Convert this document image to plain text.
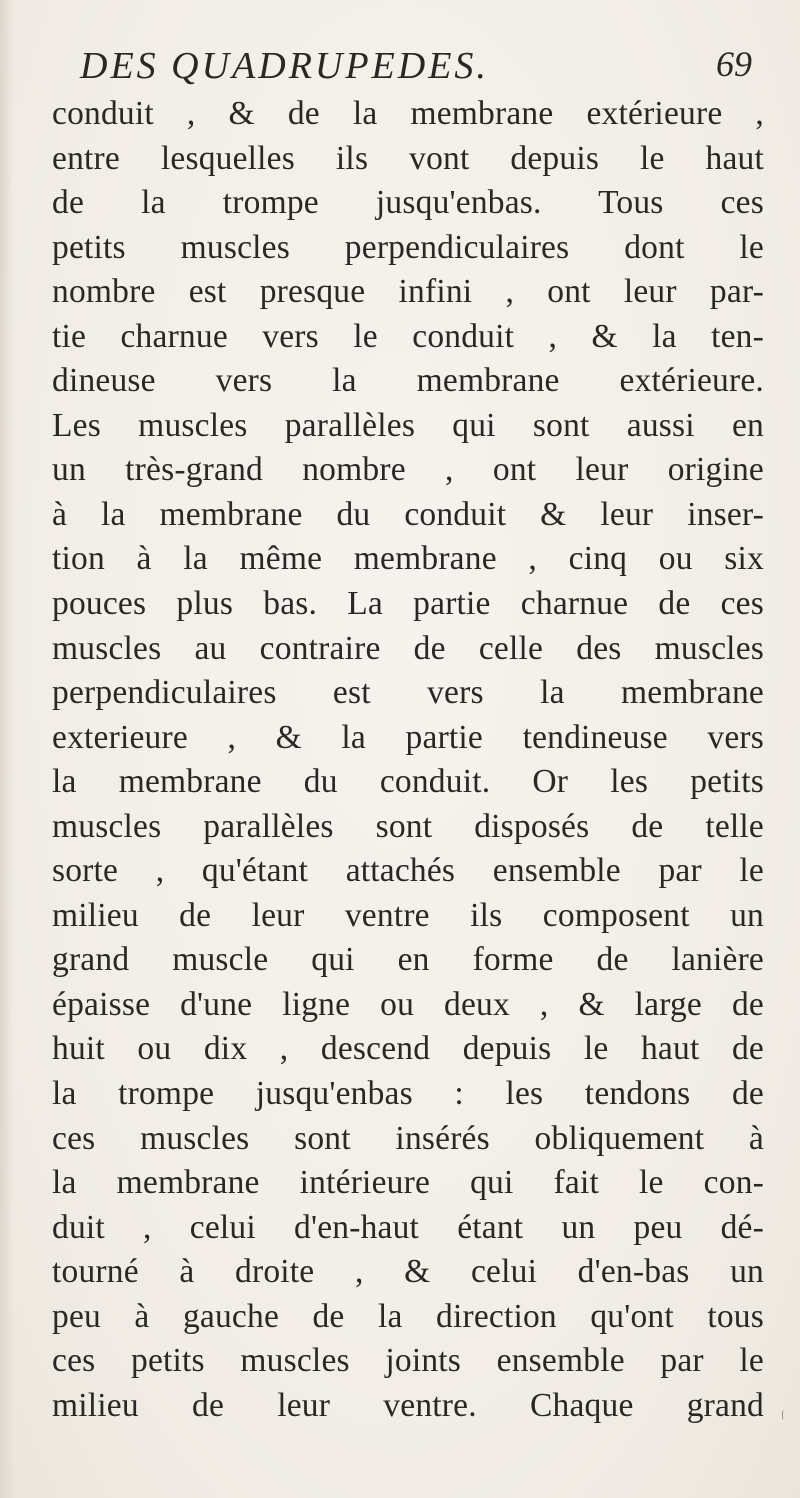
DES QUADRUPEDES.	69
conduit , & de la membrane extérieure ,
entre lesquelles ils vont depuis le haut
de la trompe jusqu'enbas. Tous ces
petits muscles perpendiculaires dont le
nombre est presque infini , ont leur par-
tie charnue vers le conduit , & la ten-
dineuse vers la membrane extérieure.
Les muscles parallèles qui sont aussi en
un très-grand nombre , ont leur origine
à la membrane du conduit & leur inser-
tion à la même membrane , cinq ou six
pouces plus bas. La partie charnue de ces
muscles au contraire de celle des muscles
perpendiculaires est vers la membrane
exterieure , & la partie tendineuse vers
la membrane du conduit. Or les petits
muscles parallèles sont disposés de telle
sorte , qu'étant attachés ensemble par le
milieu de leur ventre ils composent un
grand muscle qui en forme de lanière
épaisse d'une ligne ou deux , & large de
huit ou dix , descend depuis le haut de
la trompe jusqu'enbas : les tendons de
ces muscles sont insérés obliquement à
la membrane intérieure qui fait le con-
duit , celui d'en-haut étant un peu dé-
tourné à droite , & celui d'en-bas un
peu à gauche de la direction qu'ont tous
ces petits muscles joints ensemble par le
milieu de leur ventre. Chaque grand
